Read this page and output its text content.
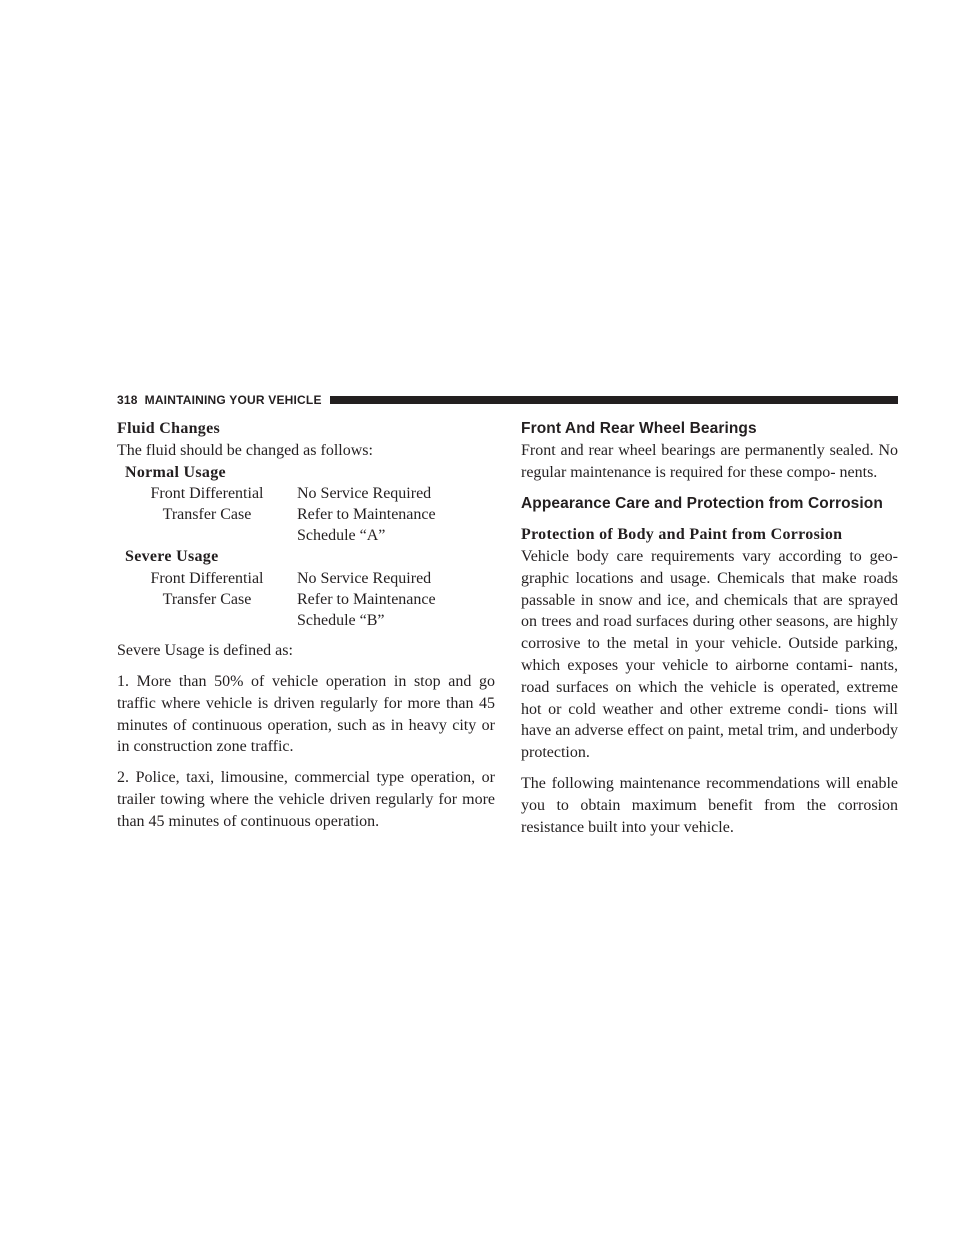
318 MAINTAINING YOUR VEHICLE
Fluid Changes

The fluid should be changed as follows:

Normal Usage
Front Differential	No Service Required
Transfer Case	Refer to Maintenance
Schedule “A”
Severe Usage
Front Differential	No Service Required
Transfer Case	Refer to Maintenance
Schedule “B”

Severe Usage is defined as:

1. More than 50% of vehicle operation in stop and go traffic where vehicle is driven regularly for more than 45 minutes of continuous operation, such as in heavy city or in construction zone traffic.

2. Police, taxi, limousine, commercial type operation, or trailer towing where the vehicle driven regularly for more than 45 minutes of continuous operation.

Front And Rear Wheel Bearings

Front and rear wheel bearings are permanently sealed. No regular maintenance is required for these compo- nents.

Appearance Care and Protection from Corrosion
Protection of Body and Paint from Corrosion

Vehicle body care requirements vary according to geo- graphic locations and usage. Chemicals that make roads passable in snow and ice, and chemicals that are sprayed on trees and road surfaces during other seasons, are highly corrosive to the metal in your vehicle. Outside parking, which exposes your vehicle to airborne contami- nants, road surfaces on which the vehicle is operated, extreme hot or cold weather and other extreme condi- tions will have an adverse effect on paint, metal trim, and underbody protection.

The following maintenance recommendations will enable you to obtain maximum benefit from the corrosion resistance built into your vehicle.
